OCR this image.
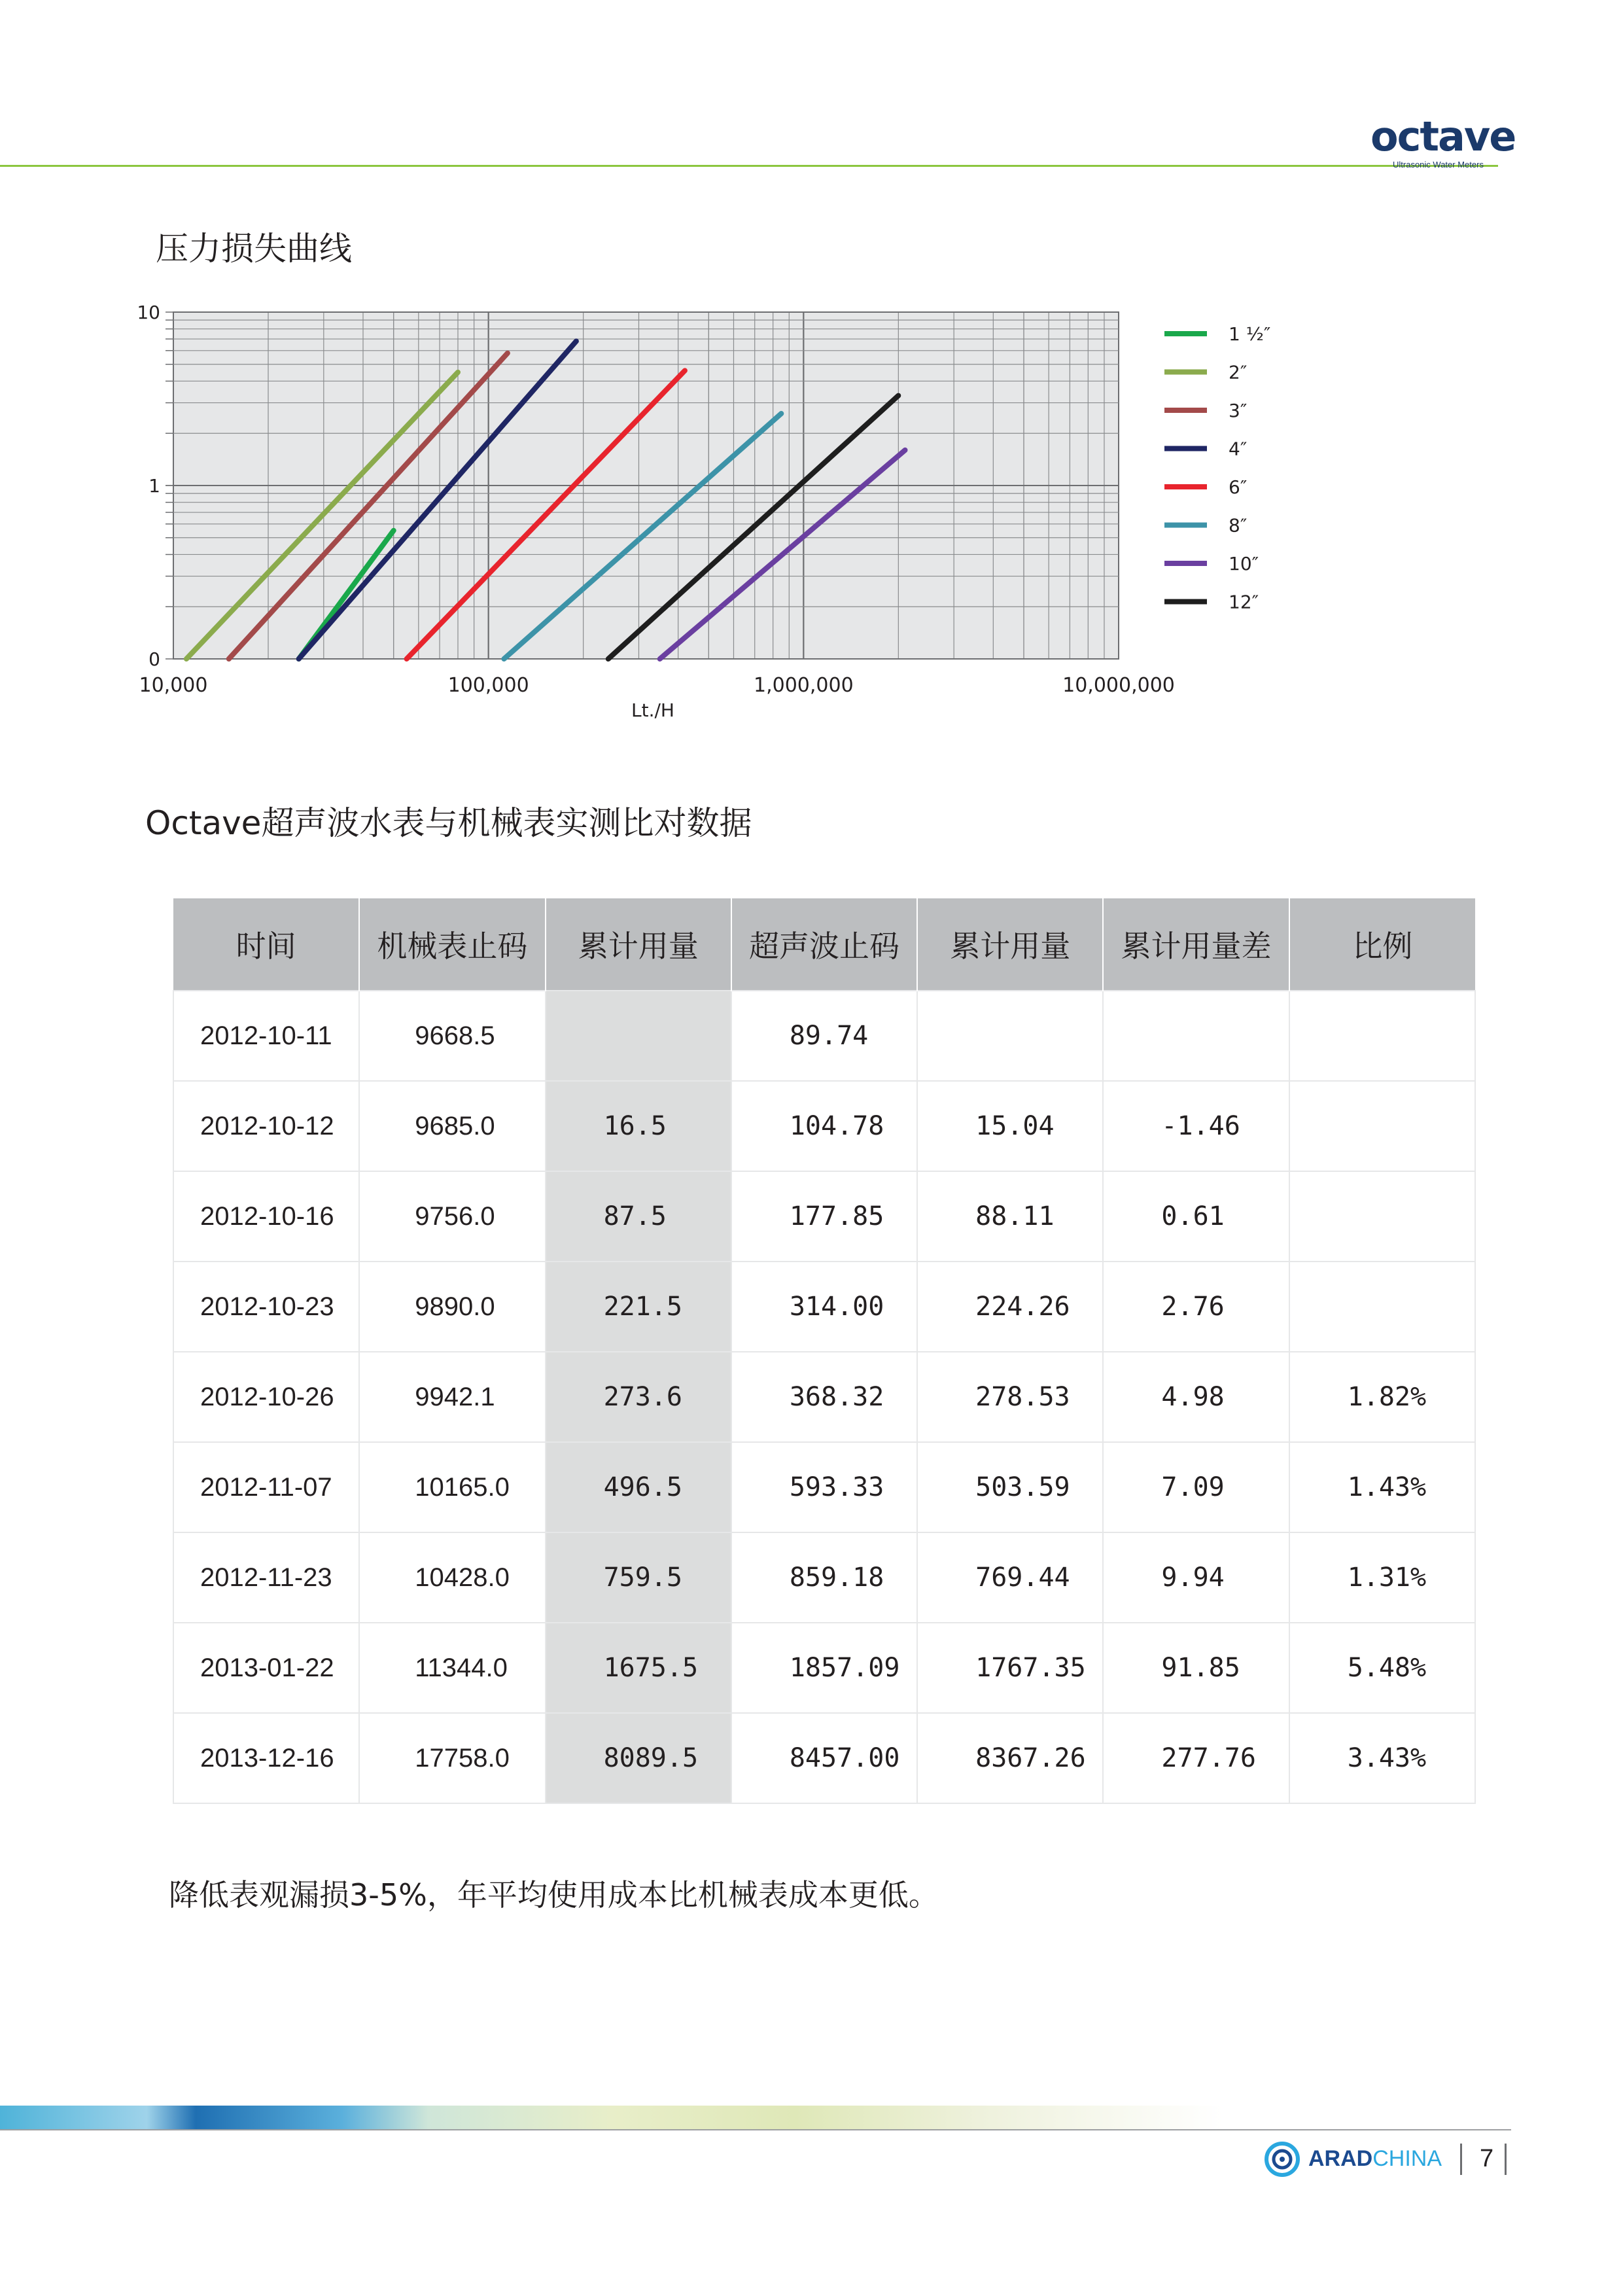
octave
Ultrasonic Water Meters
压力损失曲线
10,000	100,000	1,000,000	10,000,000
10
1
0
1 ½″
2″
3″
4″
6″
8″
10″
12″
Lt./H
Octave超声波水表与机械表实测比对数据
时间	机械表止码	累计用量	超声波止码	累计用量	累计用量差	比例

2012-10-11	9668.5		89.74			

2012-10-12	9685.0	16.5	104.78	15.04	-1.46	

2012-10-16	9756.0	87.5	177.85	88.11	0.61	

2012-10-23	9890.0	221.5	314.00	224.26	2.76	

2012-10-26	9942.1	273.6	368.32	278.53	4.98	1.82%

2012-11-07	10165.0	496.5	593.33	503.59	7.09	1.43%

2012-11-23	10428.0	759.5	859.18	769.44	9.94	1.31%

2013-01-22	11344.0	1675.5	1857.09	1767.35	91.85	5.48%

2013-12-16	17758.0	8089.5	8457.00	8367.26	277.76	3.43%
降低表观漏损3-5%，年平均使用成本比机械表成本更低。
ARADCHINA 7
